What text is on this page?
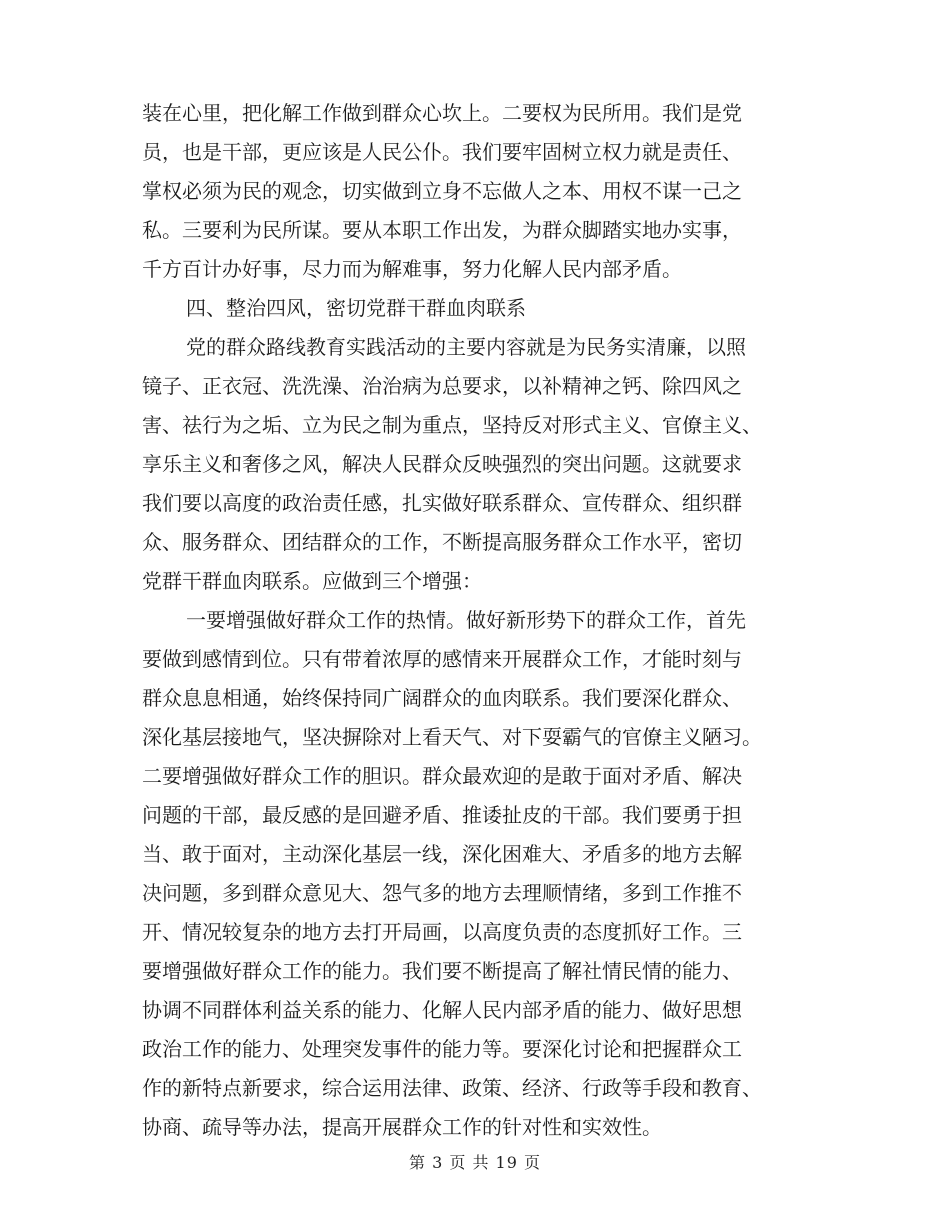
装在心里，把化解工作做到群众心坎上。二要权为民所用。我们是党
员，也是干部，更应该是人民公仆。我们要牢固树立权力就是责任、
掌权必须为民的观念，切实做到立身不忘做人之本、用权不谋一己之
私。三要利为民所谋。要从本职工作出发，为群众脚踏实地办实事，
千方百计办好事，尽力而为解难事，努力化解人民内部矛盾。
四、整治四风，密切党群干群血肉联系
党的群众路线教育实践活动的主要内容就是为民务实清廉，以照
镜子、正衣冠、洗洗澡、治治病为总要求，以补精神之钙、除四风之
害、祛行为之垢、立为民之制为重点，坚持反对形式主义、官僚主义、
享乐主义和奢侈之风，解决人民群众反映强烈的突出问题。这就要求
我们要以高度的政治责任感，扎实做好联系群众、宣传群众、组织群
众、服务群众、团结群众的工作，不断提高服务群众工作水平，密切
党群干群血肉联系。应做到三个增强：
一要增强做好群众工作的热情。做好新形势下的群众工作，首先
要做到感情到位。只有带着浓厚的感情来开展群众工作，才能时刻与
群众息息相通，始终保持同广阔群众的血肉联系。我们要深化群众、
深化基层接地气，坚决摒除对上看天气、对下耍霸气的官僚主义陋习。
二要增强做好群众工作的胆识。群众最欢迎的是敢于面对矛盾、解决
问题的干部，最反感的是回避矛盾、推诿扯皮的干部。我们要勇于担
当、敢于面对，主动深化基层一线，深化困难大、矛盾多的地方去解
决问题，多到群众意见大、怨气多的地方去理顺情绪，多到工作推不
开、情况较复杂的地方去打开局画，以高度负责的态度抓好工作。三
要增强做好群众工作的能力。我们要不断提高了解社情民情的能力、
协调不同群体利益关系的能力、化解人民内部矛盾的能力、做好思想
政治工作的能力、处理突发事件的能力等。要深化讨论和把握群众工
作的新特点新要求，综合运用法律、政策、经济、行政等手段和教育、
协商、疏导等办法，提高开展群众工作的针对性和实效性。
第 3 页 共 19 页
